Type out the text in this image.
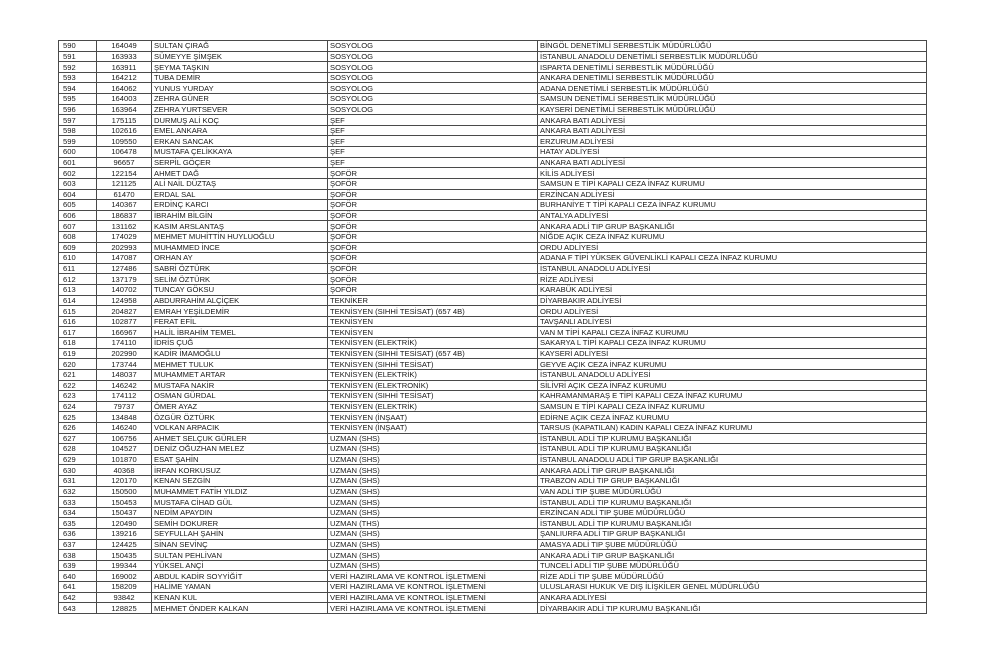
590	164049	SULTAN ÇIRAĞ	SOSYOLOG	BİNGÖL DENETİMLİ SERBESTLİK MÜDÜRLÜĞÜ
591	163933	SÜMEYYE ŞİMŞEK	SOSYOLOG	İSTANBUL ANADOLU DENETİMLİ SERBESTLİK MÜDÜRLÜĞÜ
592	163911	ŞEYMA TAŞKIN	SOSYOLOG	ISPARTA DENETİMLİ SERBESTLİK MÜDÜRLÜĞÜ
593	164212	TUBA DEMİR	SOSYOLOG	ANKARA DENETİMLİ SERBESTLİK MÜDÜRLÜĞÜ
594	164062	YUNUS YURDAY	SOSYOLOG	ADANA DENETİMLİ SERBESTLİK MÜDÜRLÜĞÜ
595	164003	ZEHRA GÜNER	SOSYOLOG	SAMSUN DENETİMLİ SERBESTLİK MÜDÜRLÜĞÜ
596	163964	ZEHRA YURTSEVER	SOSYOLOG	KAYSERİ DENETİMLİ SERBESTLİK MÜDÜRLÜĞÜ
597	175115	DURMUŞ ALİ KOÇ	ŞEF	ANKARA BATI ADLİYESİ
598	102616	EMEL ANKARA	ŞEF	ANKARA BATI ADLİYESİ
599	109550	ERKAN SANCAK	ŞEF	ERZURUM ADLİYESİ
600	106478	MUSTAFA ÇELİKKAYA	ŞEF	HATAY ADLİYESİ
601	96657	SERPİL GÖÇER	ŞEF	ANKARA BATI ADLİYESİ
602	122154	AHMET DAĞ	ŞOFÖR	KİLİS ADLİYESİ
603	121125	ALİ NAİL DÜZTAŞ	ŞOFÖR	SAMSUN E TİPİ KAPALI CEZA İNFAZ KURUMU
604	61470	ERDAL SAL	ŞOFÖR	ERZİNCAN ADLİYESİ
605	140367	ERDİNÇ KARCI	ŞOFÖR	BURHANİYE T TİPİ KAPALI CEZA İNFAZ KURUMU
606	186837	İBRAHİM BİLGİN	ŞOFÖR	ANTALYA ADLİYESİ
607	131162	KASIM ARSLANTAŞ	ŞOFÖR	ANKARA ADLİ TIP GRUP BAŞKANLIĞI
608	174029	MEHMET MUHİTTİN HUYLUOĞLU	ŞOFÖR	NİĞDE AÇIK CEZA İNFAZ KURUMU
609	202993	MUHAMMED İNCE	ŞOFÖR	ORDU ADLİYESİ
610	147087	ORHAN AY	ŞOFÖR	ADANA F TİPİ YÜKSEK GÜVENLİKLİ KAPALI CEZA İNFAZ KURUMU
611	127486	SABRİ ÖZTÜRK	ŞOFÖR	İSTANBUL ANADOLU ADLİYESİ
612	137179	SELİM ÖZTÜRK	ŞOFÖR	RİZE ADLİYESİ
613	140702	TUNCAY GÖKSU	ŞOFÖR	KARABÜK ADLİYESİ
614	124958	ABDURRAHİM ALÇİÇEK	TEKNİKER	DİYARBAKIR ADLİYESİ
615	204827	EMRAH YEŞİLDEMİR	TEKNİSYEN (SIHHİ TESİSAT) (657 4B)	ORDU ADLİYESİ
616	102877	FERAT EFİL	TEKNİSYEN	TAVŞANLI ADLİYESİ
617	166967	HALİL İBRAHİM TEMEL	TEKNİSYEN	VAN M TİPİ KAPALI CEZA İNFAZ KURUMU
618	174110	İDRİS ÇUĞ	TEKNİSYEN (ELEKTRİK)	SAKARYA L TİPİ KAPALI CEZA İNFAZ KURUMU
619	202990	KADİR İMAMOĞLU	TEKNİSYEN (SIHHİ TESİSAT) (657 4B)	KAYSERİ ADLİYESİ
620	173744	MEHMET TULUK	TEKNİSYEN (SIHHİ TESİSAT)	GEYVE AÇIK CEZA İNFAZ KURUMU
621	148037	MUHAMMET ARTAR	TEKNİSYEN (ELEKTRİK)	İSTANBUL ANADOLU ADLİYESİ
622	146242	MUSTAFA NAKİR	TEKNİSYEN (ELEKTRONİK)	SİLİVRİ AÇIK CEZA İNFAZ KURUMU
623	174112	OSMAN GÜRDAL	TEKNİSYEN (SIHHİ TESİSAT)	KAHRAMANMARAŞ E TİPİ KAPALI CEZA İNFAZ KURUMU
624	79737	ÖMER AYAZ	TEKNİSYEN (ELEKTRİK)	SAMSUN E TİPİ KAPALI CEZA İNFAZ KURUMU
625	134848	ÖZGÜR ÖZTÜRK	TEKNİSYEN (İNŞAAT)	EDİRNE AÇIK CEZA İNFAZ KURUMU
626	146240	VOLKAN ARPACIK	TEKNİSYEN (İNŞAAT)	TARSUS (KAPATILAN) KADIN KAPALI CEZA İNFAZ KURUMU
627	106756	AHMET SELÇUK GÜRLER	UZMAN (SHS)	İSTANBUL ADLİ TIP KURUMU BAŞKANLIĞI
628	104527	DENİZ OĞUZHAN MELEZ	UZMAN (SHS)	İSTANBUL ADLİ TIP KURUMU BAŞKANLIĞI
629	101870	ESAT ŞAHİN	UZMAN (SHS)	İSTANBUL ANADOLU ADLİ TIP GRUP BAŞKANLIĞI
630	40368	İRFAN KORKUSUZ	UZMAN (SHS)	ANKARA ADLİ TIP GRUP BAŞKANLIĞI
631	120170	KENAN SEZGİN	UZMAN (SHS)	TRABZON ADLİ TIP GRUP BAŞKANLIĞI
632	150500	MUHAMMET FATİH YILDIZ	UZMAN (SHS)	VAN ADLİ TIP ŞUBE MÜDÜRLÜĞÜ
633	150453	MUSTAFA CİHAD GÜL	UZMAN (SHS)	İSTANBUL ADLİ TIP KURUMU BAŞKANLIĞI
634	150437	NEDİM APAYDIN	UZMAN (SHS)	ERZİNCAN ADLİ TIP ŞUBE MÜDÜRLÜĞÜ
635	120490	SEMİH DOKURER	UZMAN (THS)	İSTANBUL ADLİ TIP KURUMU BAŞKANLIĞI
636	139216	SEYFULLAH ŞAHİN	UZMAN (SHS)	ŞANLIURFA ADLİ TIP GRUP BAŞKANLIĞI
637	124425	SİNAN SEVİNÇ	UZMAN (SHS)	AMASYA ADLİ TIP ŞUBE MÜDÜRLÜĞÜ
638	150435	SULTAN PEHLİVAN	UZMAN (SHS)	ANKARA ADLİ TIP GRUP BAŞKANLIĞI
639	199344	YÜKSEL ANÇİ	UZMAN (SHS)	TUNCELİ ADLİ TIP ŞUBE MÜDÜRLÜĞÜ
640	169002	ABDUL KADİR SOYYİĞİT	VERİ HAZIRLAMA VE KONTROL İŞLETMENİ	RİZE ADLİ TIP ŞUBE MÜDÜRLÜĞÜ
641	158209	HALİME YAMAN	VERİ HAZIRLAMA VE KONTROL İŞLETMENİ	ULUSLARASI HUKUK VE DIŞ İLİŞKİLER GENEL MÜDÜRLÜĞÜ
642	93842	KENAN KUL	VERİ HAZIRLAMA VE KONTROL İŞLETMENİ	ANKARA ADLİYESİ
643	128825	MEHMET ÖNDER KALKAN	VERİ HAZIRLAMA VE KONTROL İŞLETMENİ	DİYARBAKIR ADLİ TIP KURUMU BAŞKANLIĞI
